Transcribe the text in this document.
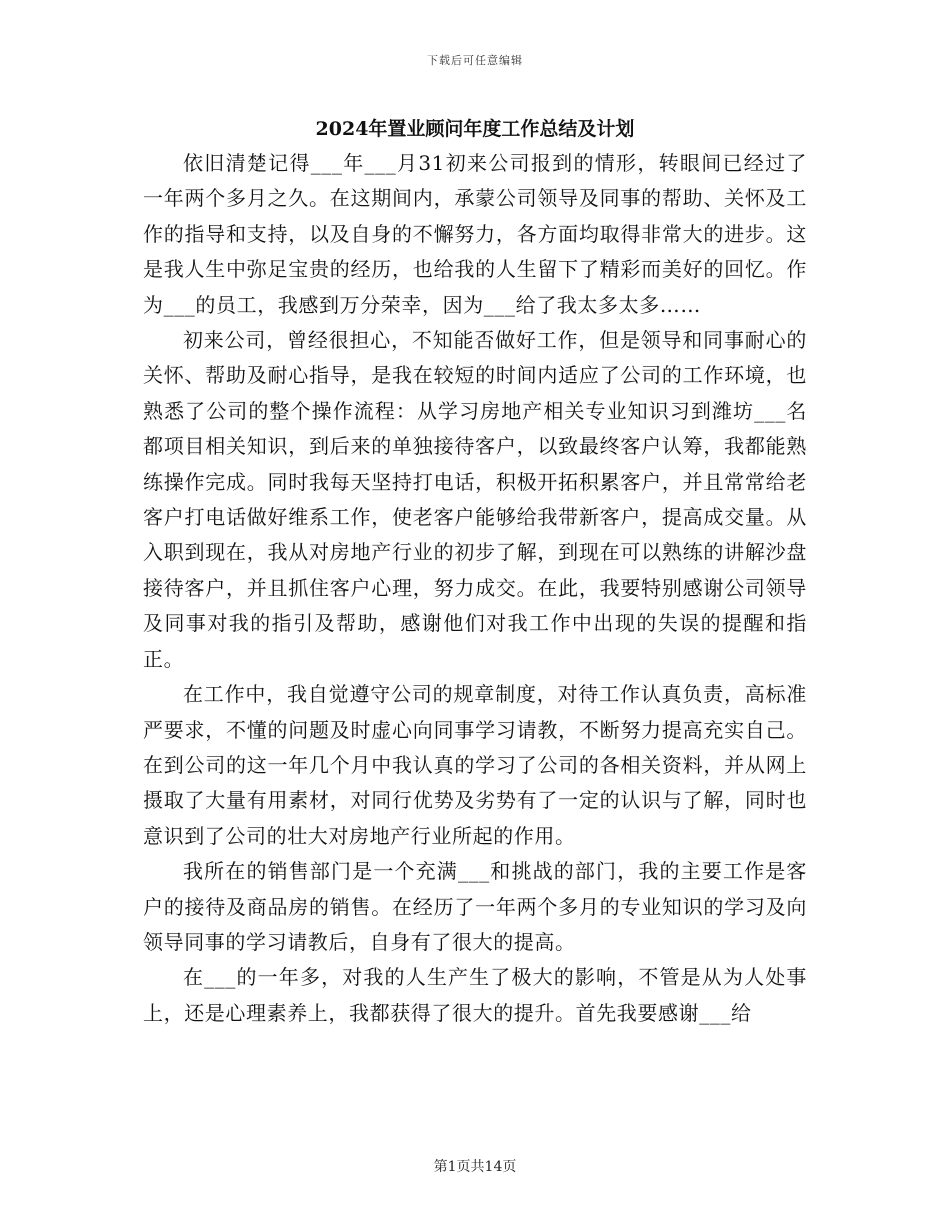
下载后可任意编辑
2024年置业顾问年度工作总结及计划

依旧清楚记得___年___月31初来公司报到的情形，转眼间已经过了一年两个多月之久。在这期间内，承蒙公司领导及同事的帮助、关怀及工作的指导和支持，以及自身的不懈努力，各方面均取得非常大的进步。这是我人生中弥足宝贵的经历，也给我的人生留下了精彩而美好的回忆。作为___的员工，我感到万分荣幸，因为___给了我太多太多……

初来公司，曾经很担心，不知能否做好工作，但是领导和同事耐心的关怀、帮助及耐心指导，是我在较短的时间内适应了公司的工作环境，也熟悉了公司的整个操作流程：从学习房地产相关专业知识习到潍坊___名都项目相关知识，到后来的单独接待客户，以致最终客户认筹，我都能熟练操作完成。同时我每天坚持打电话，积极开拓积累客户，并且常常给老客户打电话做好维系工作，使老客户能够给我带新客户，提高成交量。从入职到现在，我从对房地产行业的初步了解，到现在可以熟练的讲解沙盘接待客户，并且抓住客户心理，努力成交。在此，我要特别感谢公司领导及同事对我的指引及帮助，感谢他们对我工作中出现的失误的提醒和指正。

在工作中，我自觉遵守公司的规章制度，对待工作认真负责，高标准严要求，不懂的问题及时虚心向同事学习请教，不断努力提高充实自己。在到公司的这一年几个月中我认真的学习了公司的各相关资料，并从网上摄取了大量有用素材，对同行优势及劣势有了一定的认识与了解，同时也意识到了公司的壮大对房地产行业所起的作用。

我所在的销售部门是一个充满___和挑战的部门，我的主要工作是客户的接待及商品房的销售。在经历了一年两个多月的专业知识的学习及向领导同事的学习请教后，自身有了很大的提高。

在___的一年多，对我的人生产生了极大的影响，不管是从为人处事上，还是心理素养上，我都获得了很大的提升。首先我要感谢___给

第1页共14页
